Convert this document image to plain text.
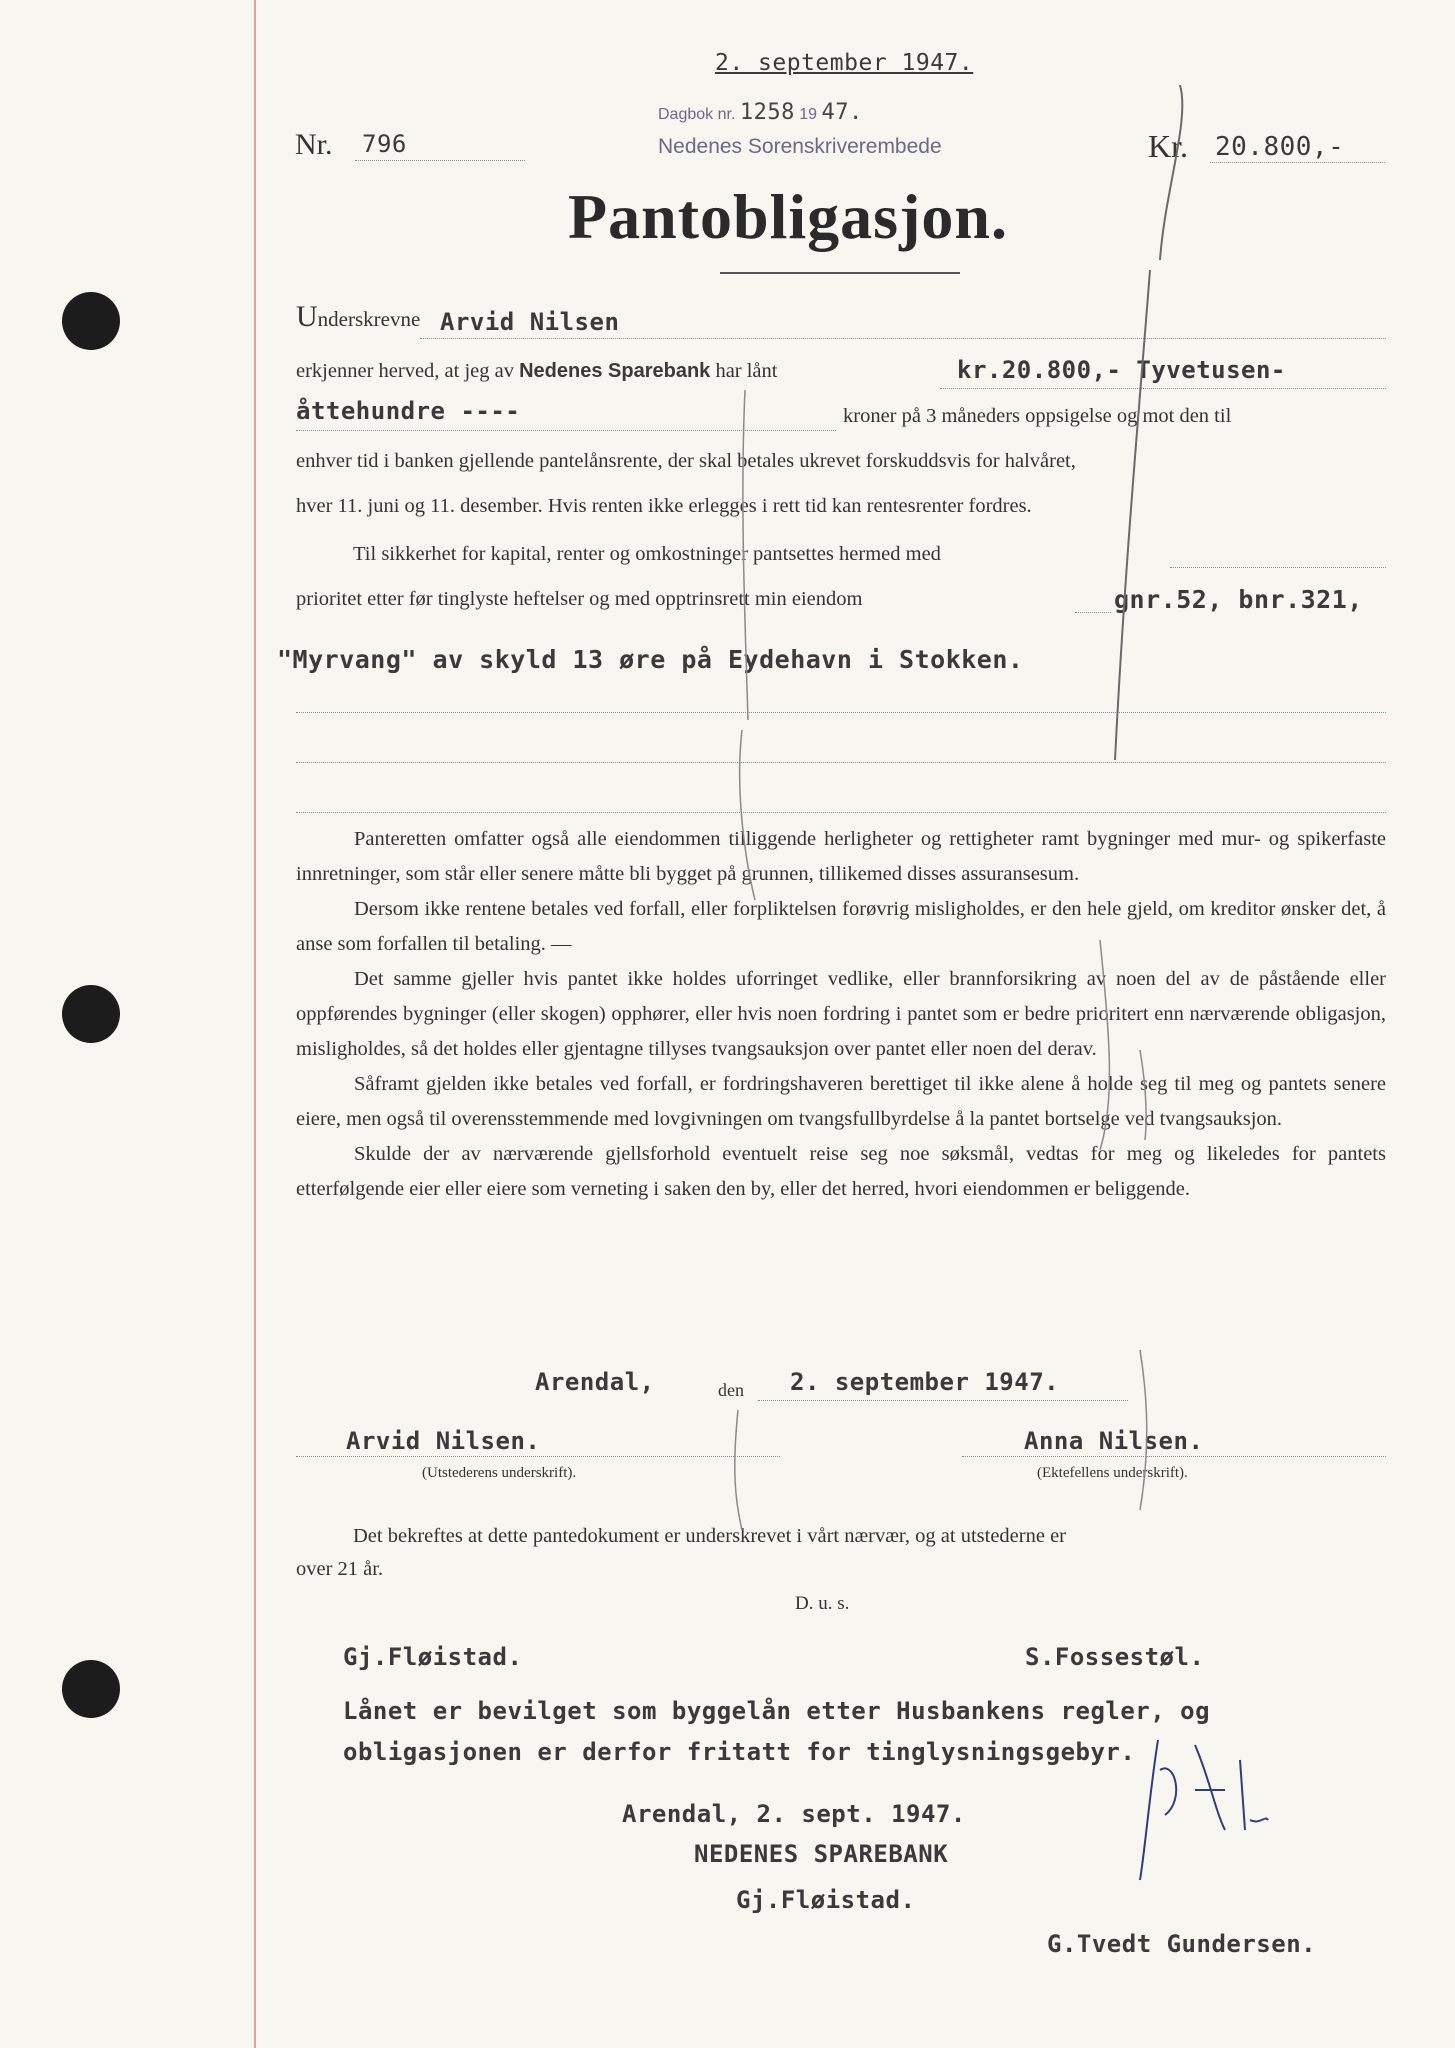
2. september 1947.
Dagbok nr. 1258 19 47.
Nedenes Sorenskriverembede
Nr. 796	Kr. 20.800,-
Pantobligasjon.
Underskrevne Arvid Nilsen
erkjenner herved, at jeg av Nedenes Sparebank har lånt	kr.20.800,- Tyvetusen-
åttehundre ----	kroner på 3 måneders oppsigelse og mot den til
enhver tid i banken gjellende pantelånsrente, der skal betales ukrevet forskuddsvis for halvåret,
hver 11. juni og 11. desember. Hvis renten ikke erlegges i rett tid kan rentesrenter fordres.
Til sikkerhet for kapital, renter og omkostninger pantsettes hermed med
prioritet etter før tinglyste heftelser og med opptrinsrett min eiendom	gnr.52, bnr.321,
"Myrvang" av skyld 13 øre på Eydehavn i Stokken.

Panteretten omfatter også alle eiendommen tilliggende herligheter og rettigheter ramt bygninger med mur- og spikerfaste innretninger, som står eller senere måtte bli bygget på grunnen, tillikemed disses assuransesum.

Dersom ikke rentene betales ved forfall, eller forpliktelsen forøvrig misligholdes, er den hele gjeld, om kreditor ønsker det, å anse som forfallen til betaling. —

Det samme gjeller hvis pantet ikke holdes uforringet vedlike, eller brannforsikring av noen del av de påstående eller oppførendes bygninger (eller skogen) opphører, eller hvis noen fordring i pantet som er bedre prioritert enn nærværende obligasjon, misligholdes, så det holdes eller gjentagne tillyses tvangsauksjon over pantet eller noen del derav.

Såframt gjelden ikke betales ved forfall, er fordringshaveren berettiget til ikke alene å holde seg til meg og pantets senere eiere, men også til overensstemmende med lovgivningen om tvangsfullbyrdelse å la pantet bortselge ved tvangsauksjon.

Skulde der av nærværende gjellsforhold eventuelt reise seg noe søksmål, vedtas for meg og likeledes for pantets etterfølgende eier eller eiere som verneting i saken den by, eller det herred, hvori eiendommen er beliggende.

Arendal,	den 2. september 1947.
Arvid Nilsen.
(Utstederens underskrift).
Anna Nilsen.
(Ektefellens underskrift).
Det bekreftes at dette pantedokument er underskrevet i vårt nærvær, og at utstederne er
over 21 år.
D. u. s.
Gj.Fløistad.	S.Fossestøl.
Lånet er bevilget som byggelån etter Husbankens regler, og
obligasjonen er derfor fritatt for tinglysningsgebyr.
Arendal, 2. sept. 1947.
NEDENES SPAREBANK
Gj.Fløistad.
G.Tvedt Gundersen.
